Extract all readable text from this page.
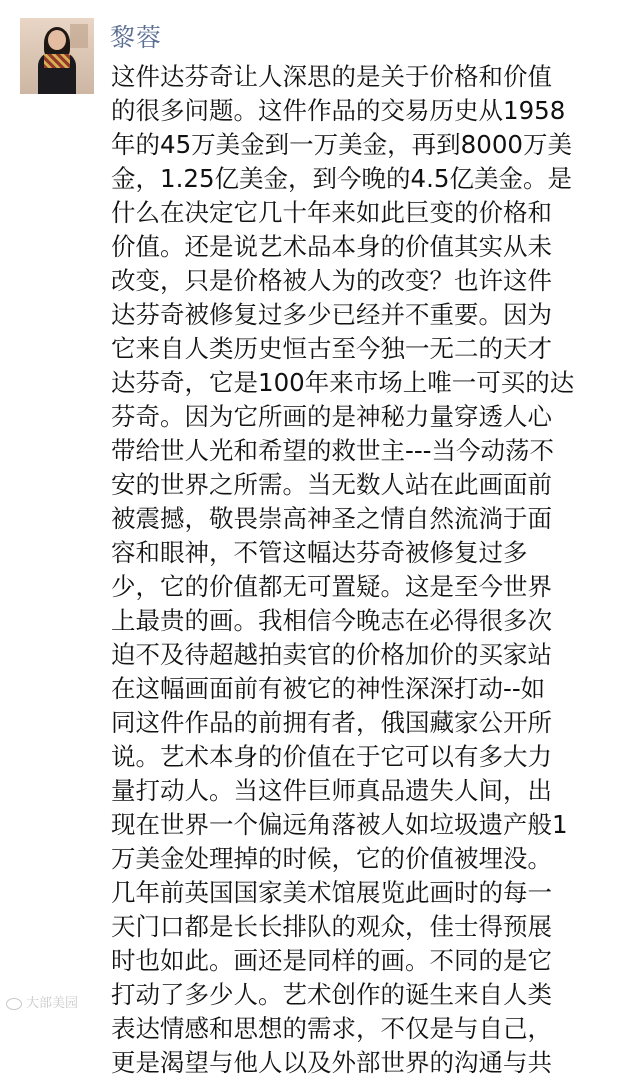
黎蓉
这件达芬奇让人深思的是关于价格和价值
的很多问题。这件作品的交易历史从1958
年的45万美金到一万美金，再到8000万美
金，1.25亿美金，到今晚的4.5亿美金。是
什么在决定它几十年来如此巨变的价格和
价值。还是说艺术品本身的价值其实从未
改变，只是价格被人为的改变？也许这件
达芬奇被修复过多少已经并不重要。因为
它来自人类历史恒古至今独一无二的天才
达芬奇，它是100年来市场上唯一可买的达
芬奇。因为它所画的是神秘力量穿透人心
带给世人光和希望的救世主---当今动荡不
安的世界之所需。当无数人站在此画面前
被震撼，敬畏崇高神圣之情自然流淌于面
容和眼神，不管这幅达芬奇被修复过多
少，它的价值都无可置疑。这是至今世界
上最贵的画。我相信今晚志在必得很多次
迫不及待超越拍卖官的价格加价的买家站
在这幅画面前有被它的神性深深打动--如
同这件作品的前拥有者，俄国藏家公开所
说。艺术本身的价值在于它可以有多大力
量打动人。当这件巨师真品遗失人间，出
现在世界一个偏远角落被人如垃圾遗产般1
万美金处理掉的时候，它的价值被埋没。
几年前英国国家美术馆展览此画时的每一
天门口都是长长排队的观众，佳士得预展
时也如此。画还是同样的画。不同的是它
打动了多少人。艺术创作的诞生来自人类
表达情感和思想的需求，不仅是与自己，
更是渴望与他人以及外部世界的沟通与共
大部美园
